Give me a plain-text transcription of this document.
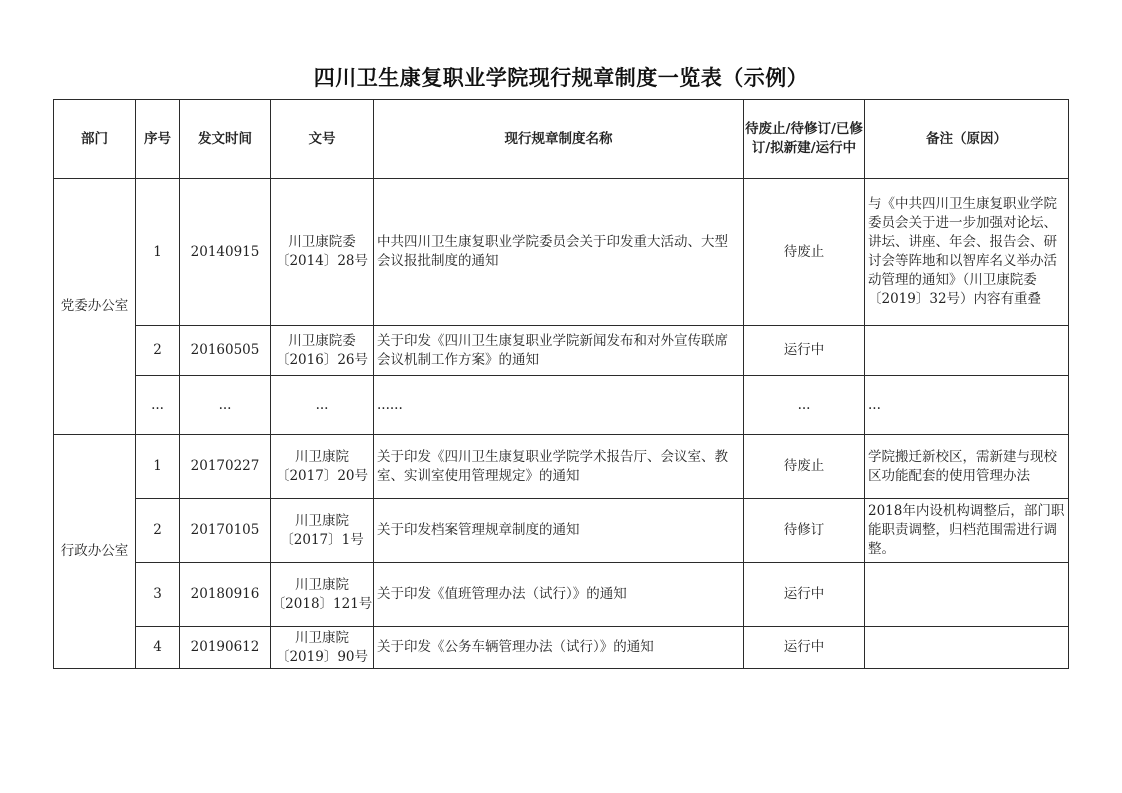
四川卫生康复职业学院现行规章制度一览表（示例）
部门	序号	发文时间	文号	现行规章制度名称	待废止/待修订/已修订/拟新建/运行中	备注（原因）
党委办公室	1	20140915	川卫康院委〔2014〕28号	中共四川卫生康复职业学院委员会关于印发重大活动、大型会议报批制度的通知	待废止	与《中共四川卫生康复职业学院委员会关于进一步加强对论坛、讲坛、讲座、年会、报告会、研讨会等阵地和以智库名义举办活动管理的通知》（川卫康院委〔2019〕32号）内容有重叠
	2	20160505	川卫康院委〔2016〕26号	关于印发《四川卫生康复职业学院新闻发布和对外宣传联席会议机制工作方案》的通知	运行中	
	...	...	...	......	...	...
行政办公室	1	20170227	川卫康院〔2017〕20号	关于印发《四川卫生康复职业学院学术报告厅、会议室、教室、实训室使用管理规定》的通知	待废止	学院搬迁新校区，需新建与现校区功能配套的使用管理办法
	2	20170105	川卫康院〔2017〕1号	关于印发档案管理规章制度的通知	待修订	2018年内设机构调整后，部门职能职责调整，归档范围需进行调整。
	3	20180916	川卫康院〔2018〕121号	关于印发《值班管理办法（试行）》的通知	运行中	
	4	20190612	川卫康院〔2019〕90号	关于印发《公务车辆管理办法（试行）》的通知	运行中	
